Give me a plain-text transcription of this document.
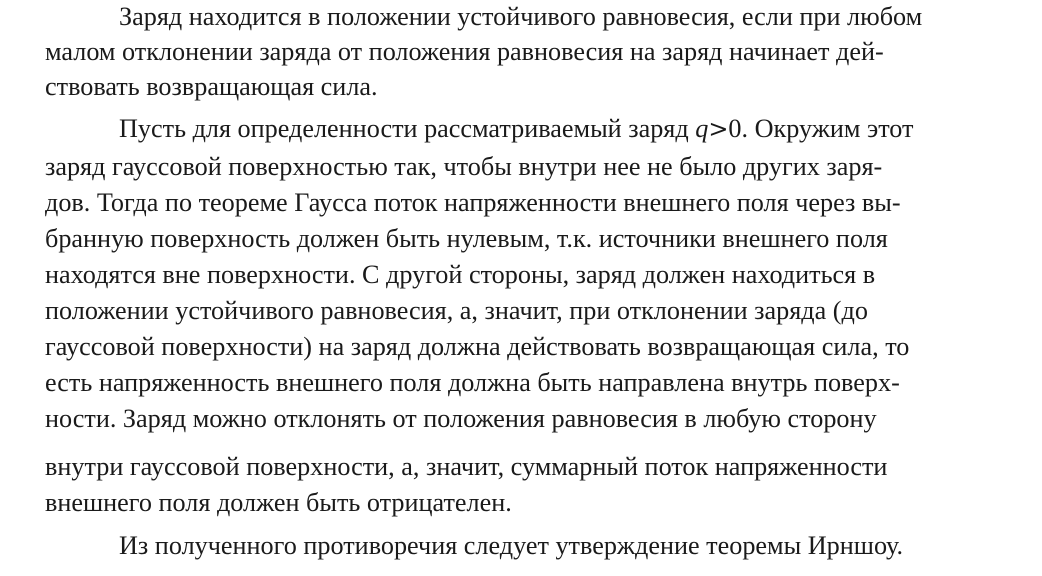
Заряд находится в положении устойчивого равновесия, если при любом
малом отклонении заряда от положения равновесия на заряд начинает дей-
ствовать возвращающая сила.
Пусть для определенности рассматриваемый заряд q>0. Окружим этот
заряд гауссовой поверхностью так, чтобы внутри нее не было других заря-
дов. Тогда по теореме Гаусса поток напряженности внешнего поля через вы-
бранную поверхность должен быть нулевым, т.к. источники внешнего поля
находятся вне поверхности. С другой стороны, заряд должен находиться в
положении устойчивого равновесия, а, значит, при отклонении заряда (до
гауссовой поверхности) на заряд должна действовать возвращающая сила, то
есть напряженность внешнего поля должна быть направлена внутрь поверх-
ности. Заряд можно отклонять от положения равновесия в любую сторону
внутри гауссовой поверхности, а, значит, суммарный поток напряженности
внешнего поля должен быть отрицателен.
Из полученного противоречия следует утверждение теоремы Ирншоу.
